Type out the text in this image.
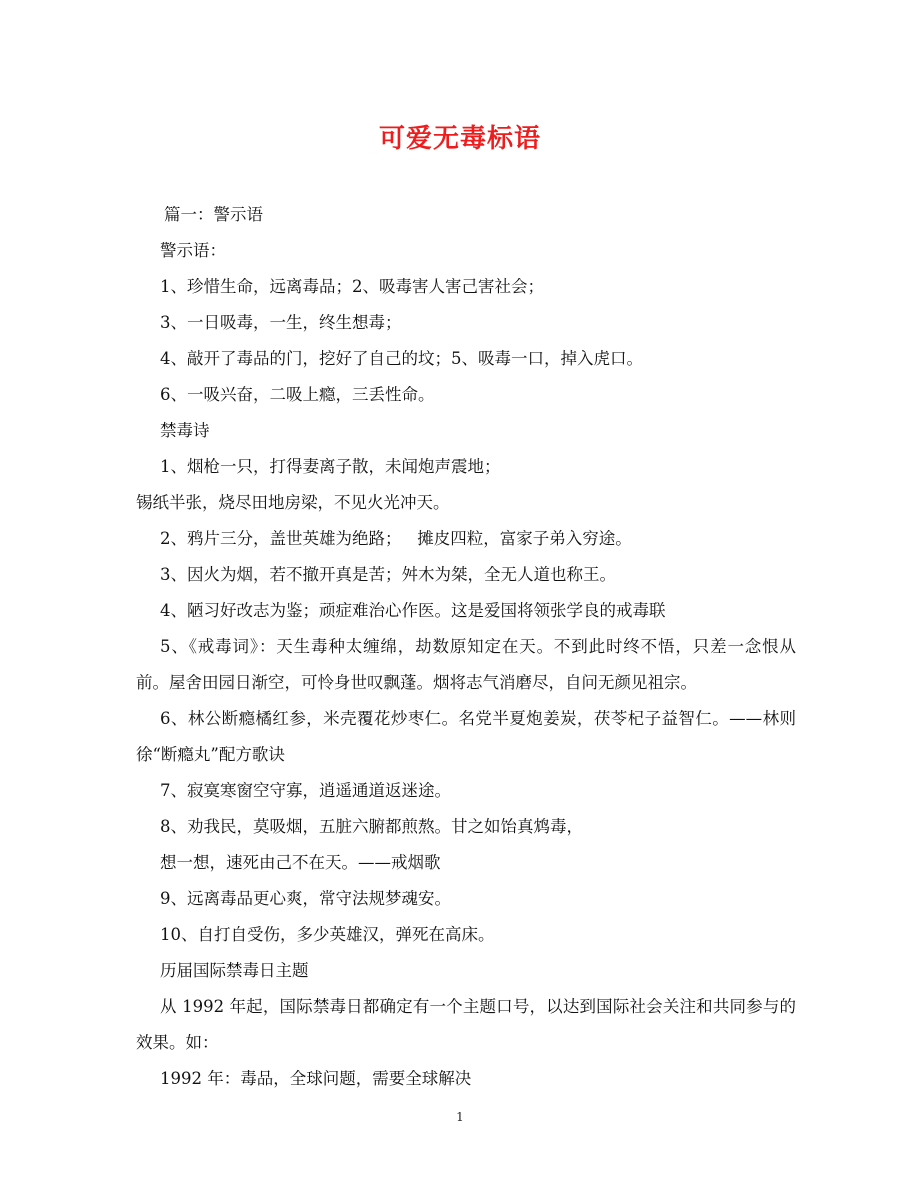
可爱无毒标语
篇一：警示语
警示语：
1、珍惜生命，远离毒品；2、吸毒害人害己害社会；
3、一日吸毒，一生，终生想毒；
4、敲开了毒品的门，挖好了自己的坟；5、吸毒一口，掉入虎口。
6、一吸兴奋，二吸上瘾，三丢性命。
禁毒诗
1、烟枪一只，打得妻离子散，未闻炮声震地；
锡纸半张，烧尽田地房梁，不见火光冲天。
2、鸦片三分，盖世英雄为绝路；   摊皮四粒，富家子弟入穷途。
3、因火为烟，若不撤开真是苦；舛木为桀，全无人道也称王。
4、陋习好改志为鉴；顽症难治心作医。这是爱国将领张学良的戒毒联
5、《戒毒词》：天生毒种太缠绵，劫数原知定在天。不到此时终不悟，只差一念恨从前。屋舍田园日渐空，可怜身世叹飘蓬。烟将志气消磨尽，自问无颜见祖宗。
6、林公断瘾橘红参，米壳覆花炒枣仁。名党半夏炮姜炭，茯苓杞子益智仁。——林则徐“断瘾丸”配方歌诀
7、寂寞寒窗空守寡，逍遥通道返迷途。
8、劝我民，莫吸烟，五脏六腑都煎熬。甘之如饴真鸩毒，
想一想，速死由己不在天。——戒烟歌
9、远离毒品更心爽，常守法规梦魂安。
10、自打自受伤，多少英雄汉，弹死在高床。
历届国际禁毒日主题
从 1992 年起，国际禁毒日都确定有一个主题口号，以达到国际社会关注和共同参与的效果。如：
1992 年：毒品，全球问题，需要全球解决
1
